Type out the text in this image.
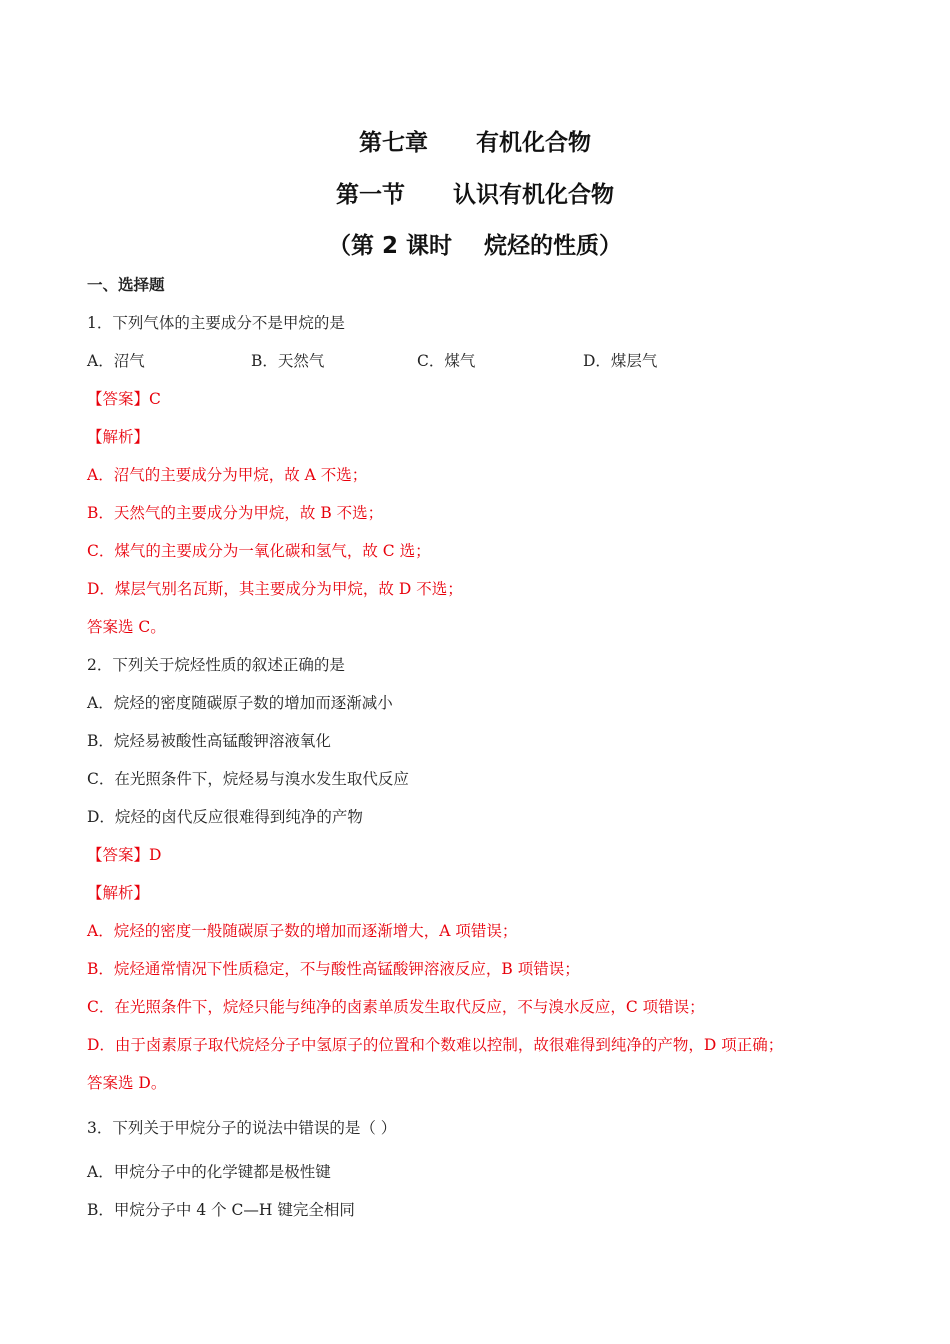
第七章      有机化合物
第一节      认识有机化合物
（第 2 课时    烷烃的性质）
一、选择题
1．下列气体的主要成分不是甲烷的是
A．沼气	B．天然气	C．煤气	D．煤层气
【答案】C
【解析】
A．沼气的主要成分为甲烷，故 A 不选；
B．天然气的主要成分为甲烷，故 B 不选；
C．煤气的主要成分为一氧化碳和氢气，故 C 选；
D．煤层气别名瓦斯，其主要成分为甲烷，故 D 不选；
答案选 C。
2．下列关于烷烃性质的叙述正确的是
A．烷烃的密度随碳原子数的增加而逐渐减小
B．烷烃易被酸性高锰酸钾溶液氧化
C．在光照条件下，烷烃易与溴水发生取代反应
D．烷烃的卤代反应很难得到纯净的产物
【答案】D
【解析】
A．烷烃的密度一般随碳原子数的增加而逐渐增大，A 项错误；
B．烷烃通常情况下性质稳定，不与酸性高锰酸钾溶液反应，B 项错误；
C．在光照条件下，烷烃只能与纯净的卤素单质发生取代反应，不与溴水反应，C 项错误；
D．由于卤素原子取代烷烃分子中氢原子的位置和个数难以控制，故很难得到纯净的产物，D 项正确；
答案选 D。
3．下列关于甲烷分子的说法中错误的是（ ）
A．甲烷分子中的化学键都是极性键
B．甲烷分子中 4 个 C—H 键完全相同
